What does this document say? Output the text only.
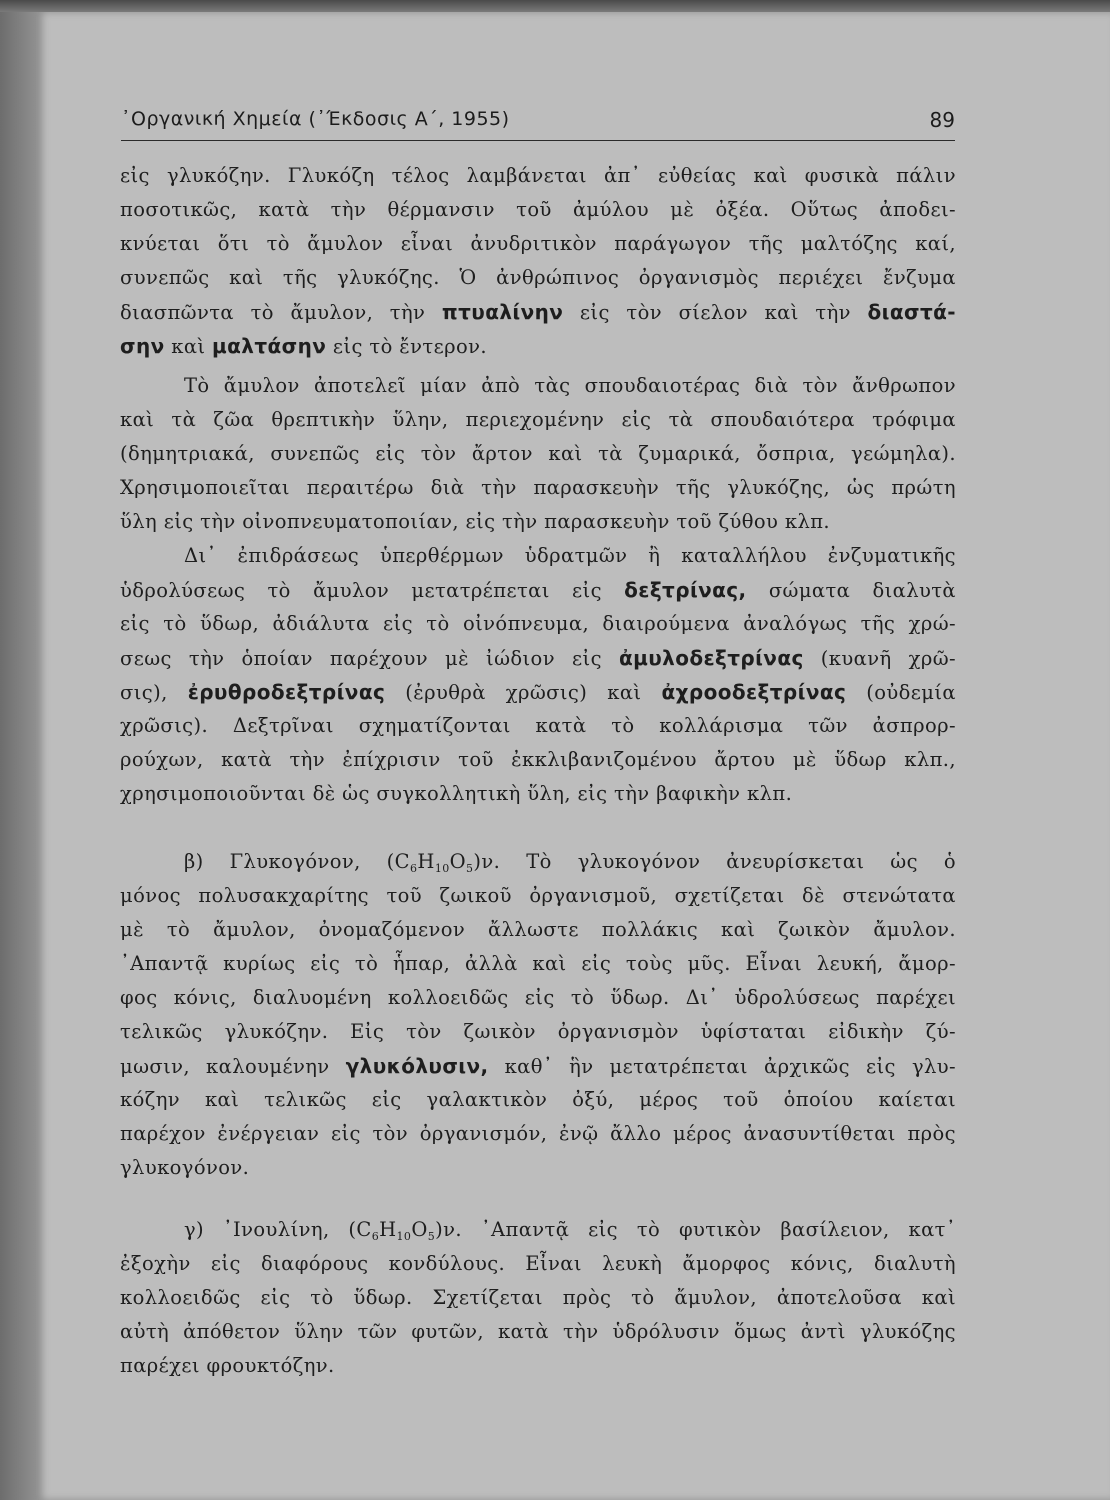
᾽Οργανική Χημεία (᾽Έκδοσις Α΄, 1955)	89
εἰς γλυκόζην. Γλυκόζη τέλος λαμβάνεται ἀπ᾽ εὐθείας καὶ φυσικὰ πάλιν
ποσοτικῶς, κατὰ τὴν θέρμανσιν τοῦ ἀμύλου μὲ ὀξέα. Οὕτως ἀποδει-
κνύεται ὅτι τὸ ἄμυλον εἶναι ἀνυδριτικὸν παράγωγον τῆς μαλτόζης καί,
συνεπῶς καὶ τῆς γλυκόζης. Ὁ ἀνθρώπινος ὀργανισμὸς περιέχει ἔνζυμα
διασπῶντα τὸ ἄμυλον, τὴν πτυαλίνην εἰς τὸν σίελον καὶ τὴν διαστά-
σην καὶ μαλτάσην εἰς τὸ ἔντερον.
Τὸ ἄμυλον ἀποτελεῖ μίαν ἀπὸ τὰς σπουδαιοτέρας διὰ τὸν ἄνθρωπον
καὶ τὰ ζῶα θρεπτικὴν ὕλην, περιεχομένην εἰς τὰ σπουδαιότερα τρόφιμα
(δημητριακά, συνεπῶς εἰς τὸν ἄρτον καὶ τὰ ζυμαρικά, ὄσπρια, γεώμηλα).
Χρησιμοποιεῖται περαιτέρω διὰ τὴν παρασκευὴν τῆς γλυκόζης, ὡς πρώτη
ὕλη εἰς τὴν οἰνοπνευματοποιίαν, εἰς τὴν παρασκευὴν τοῦ ζύθου κλπ.
Δι᾽ ἐπιδράσεως ὑπερθέρμων ὑδρατμῶν ἢ καταλλήλου ἐνζυματικῆς
ὑδρολύσεως τὸ ἄμυλον μετατρέπεται εἰς δεξτρίνας, σώματα διαλυτὰ
εἰς τὸ ὕδωρ, ἀδιάλυτα εἰς τὸ οἰνόπνευμα, διαιρούμενα ἀναλόγως τῆς χρώ-
σεως τὴν ὁποίαν παρέχουν μὲ ἰώδιον εἰς ἀμυλοδεξτρίνας (κυανῆ χρῶ-
σις), ἐρυθροδεξτρίνας (ἐρυθρὰ χρῶσις) καὶ ἀχροοδεξτρίνας (οὐδεμία
χρῶσις). Δεξτρῖναι σχηματίζονται κατὰ τὸ κολλάρισμα τῶν ἀσπρορ-
ρούχων, κατὰ τὴν ἐπίχρισιν τοῦ ἐκκλιβανιζομένου ἄρτου μὲ ὕδωρ κλπ.,
χρησιμοποιοῦνται δὲ ὡς συγκολλητικὴ ὕλη, εἰς τὴν βαφικὴν κλπ.
β) Γλυκογόνον, $(C_6H_{10}O_5)\nu$. Τὸ γλυκογόνον ἀνευρίσκεται ὡς ὁ
μόνος πολυσακχαρίτης τοῦ ζωικοῦ ὀργανισμοῦ, σχετίζεται δὲ στενώτατα
μὲ τὸ ἄμυλον, ὀνομαζόμενον ἄλλωστε πολλάκις καὶ ζωικὸν ἄμυλον.
᾽Απαντᾷ κυρίως εἰς τὸ ἧπαρ, ἀλλὰ καὶ εἰς τοὺς μῦς. Εἶναι λευκή, ἄμορ-
φος κόνις, διαλυομένη κολλοειδῶς εἰς τὸ ὕδωρ. Δι᾽ ὑδρολύσεως παρέχει
τελικῶς γλυκόζην. Εἰς τὸν ζωικὸν ὀργανισμὸν ὑφίσταται εἰδικὴν ζύ-
μωσιν, καλουμένην γλυκόλυσιν, καθ᾽ ἣν μετατρέπεται ἀρχικῶς εἰς γλυ-
κόζην καὶ τελικῶς εἰς γαλακτικὸν ὀξύ, μέρος τοῦ ὁποίου καίεται
παρέχον ἐνέργειαν εἰς τὸν ὀργανισμόν, ἐνῷ ἄλλο μέρος ἀνασυντίθεται πρὸς
γλυκογόνον.
γ) ᾽Ινουλίνη, $(C_6H_{10}O_5)\nu$. ᾽Απαντᾷ εἰς τὸ φυτικὸν βασίλειον, κατ᾽
ἐξοχὴν εἰς διαφόρους κονδύλους. Εἶναι λευκὴ ἄμορφος κόνις, διαλυτὴ
κολλοειδῶς εἰς τὸ ὕδωρ. Σχετίζεται πρὸς τὸ ἄμυλον, ἀποτελοῦσα καὶ
αὐτὴ ἀπόθετον ὕλην τῶν φυτῶν, κατὰ τὴν ὑδρόλυσιν ὅμως ἀντὶ γλυκόζης
παρέχει φρουκτόζην.
